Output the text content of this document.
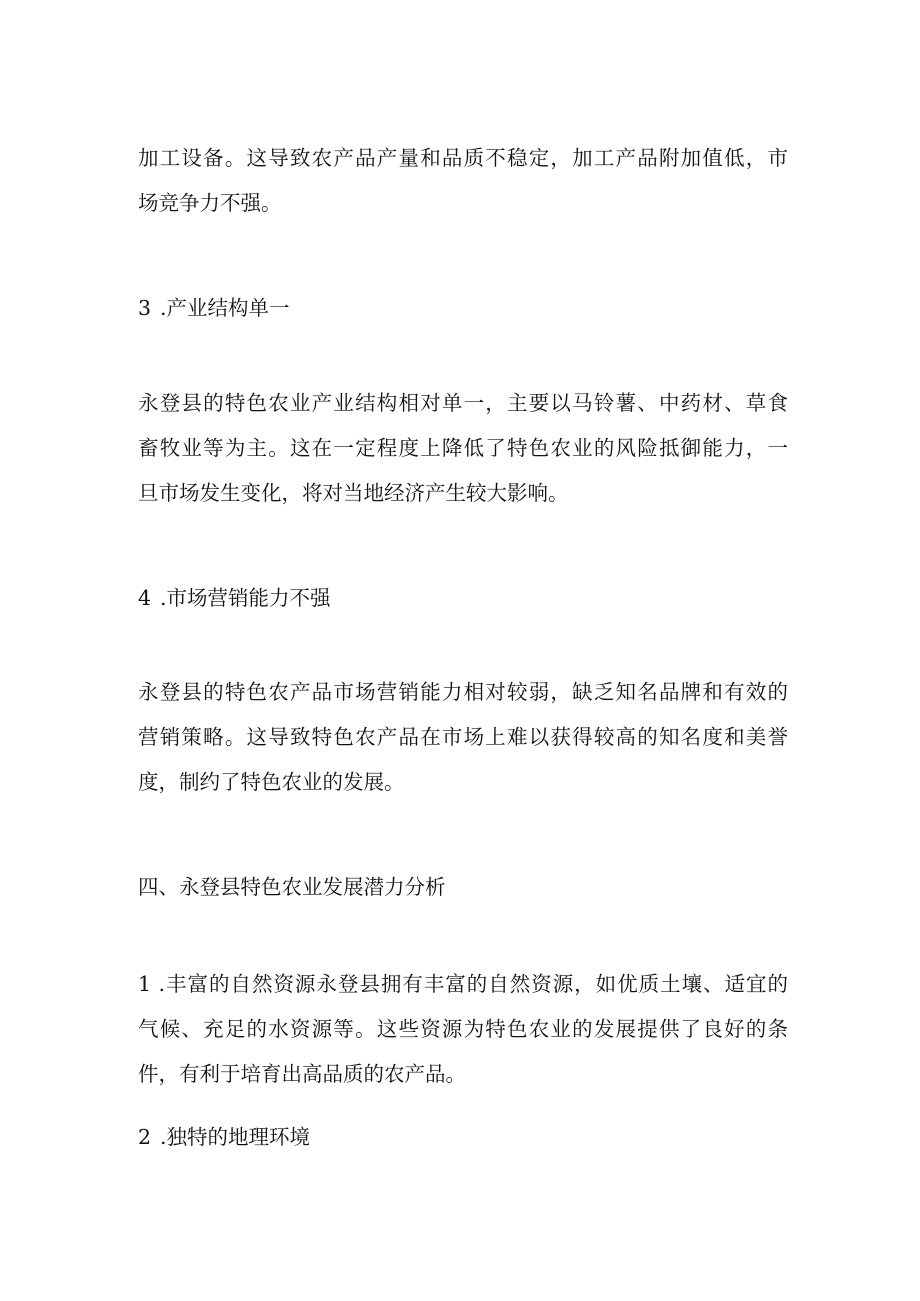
加工设备。这导致农产品产量和品质不稳定，加工产品附加值低，市
场竞争力不强。

3 .产业结构单一

永登县的特色农业产业结构相对单一，主要以马铃薯、中药材、草食
畜牧业等为主。这在一定程度上降低了特色农业的风险抵御能力，一
旦市场发生变化，将对当地经济产生较大影响。

4 .市场营销能力不强

永登县的特色农产品市场营销能力相对较弱，缺乏知名品牌和有效的
营销策略。这导致特色农产品在市场上难以获得较高的知名度和美誉
度，制约了特色农业的发展。

四、永登县特色农业发展潜力分析

1 .丰富的自然资源永登县拥有丰富的自然资源，如优质土壤、适宜的
气候、充足的水资源等。这些资源为特色农业的发展提供了良好的条
件，有利于培育出高品质的农产品。

2 .独特的地理环境
